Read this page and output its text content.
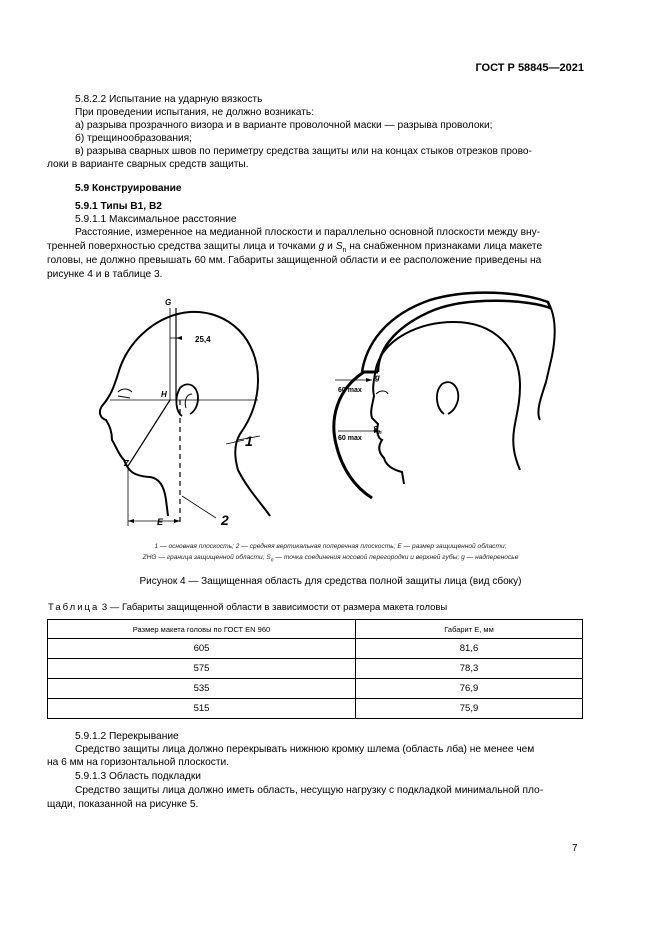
ГОСТ Р 58845—2021
5.8.2.2 Испытание на ударную вязкость
При проведении испытания, не должно возникать:
а) разрыва прозрачного визора и в варианте проволочной маски — разрыва проволоки;
б) трещинообразования;
в) разрыва сварных швов по периметру средства защиты или на концах стыков отрезков прово-
локи в варианте сварных средств защиты.
5.9 Конструирование
5.9.1 Типы В1, В2
5.9.1.1 Максимальное расстояние
Расстояние, измеренное на медианной плоскости и параллельно основной плоскости между вну-
тренней поверхностью средства защиты лица и точками g и $S_n$ на снабженном признаками лица макете
головы, не должно превышать 60 мм. Габариты защищенной области и ее расположение приведены на
рисунке 4 и в таблице 3.
G
25,4
H
Z
E
1
2
60 max
60 max
g
$S_n$
1 — основная плоскость; 2 — средняя вертикальная поперечная плоскость; E — размер защищенной области;
ZHG — граница защищенной области; $S_n$ — точка соединения носовой перегородки и верхней губы; g — надпереносье
Рисунок 4 — Защищенная область для средства полной защиты лица (вид сбоку)
Таблица 3 — Габариты защищенной области в зависимости от размера макета головы
Размер макета головы по ГОСТ EN 960	Габарит E, мм
605	81,6
575	78,3
535	76,9
515	75,9
5.9.1.2 Перекрывание
Средство защиты лица должно перекрывать нижнюю кромку шлема (область лба) не менее чем
на 6 мм на горизонтальной плоскости.
5.9.1.3 Область подкладки
Средство защиты лица должно иметь область, несущую нагрузку с подкладкой минимальной пло-
щади, показанной на рисунке 5.
7
